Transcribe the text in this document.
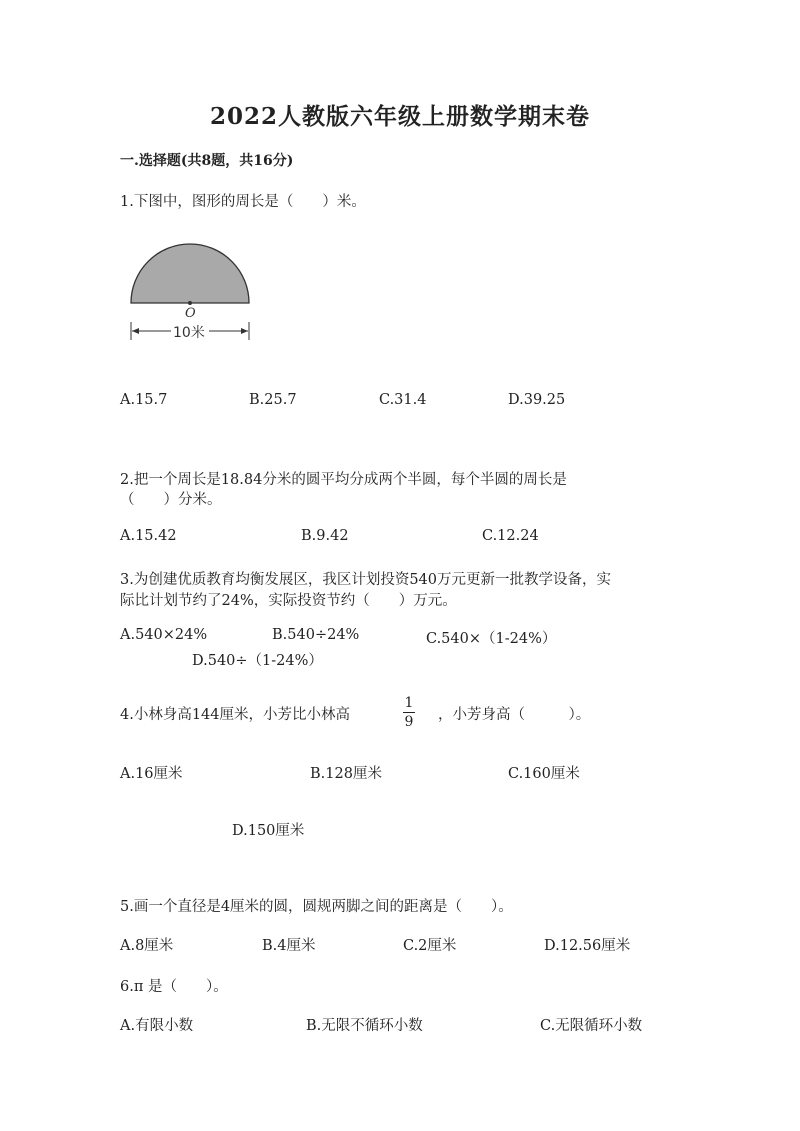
2022人教版六年级上册数学期末卷
一.选择题(共8题，共16分)
1.下图中，图形的周长是（　　）米。
O
10米
A.15.7	B.25.7	C.31.4	D.39.25
2.把一个周长是18.84分米的圆平均分成两个半圆，每个半圆的周长是
（　　）分米。
A.15.42	B.9.42	C.12.24
3.为创建优质教育均衡发展区，我区计划投资540万元更新一批教学设备，实
际比计划节约了24%，实际投资节约（　　）万元。
A.540×24%	B.540÷24%	C.540×（1-24%）
D.540÷（1-24%）
4.小林身高144厘米，小芳比小林高	$\frac{1}{9}$ ，小芳身高（　　　）。
A.16厘米	B.128厘米	C.160厘米
D.150厘米
5.画一个直径是4厘米的圆，圆规两脚之间的距离是（　　）。
A.8厘米	B.4厘米	C.2厘米	D.12.56厘米
6.π 是（　　）。
A.有限小数	B.无限不循环小数	C.无限循环小数
